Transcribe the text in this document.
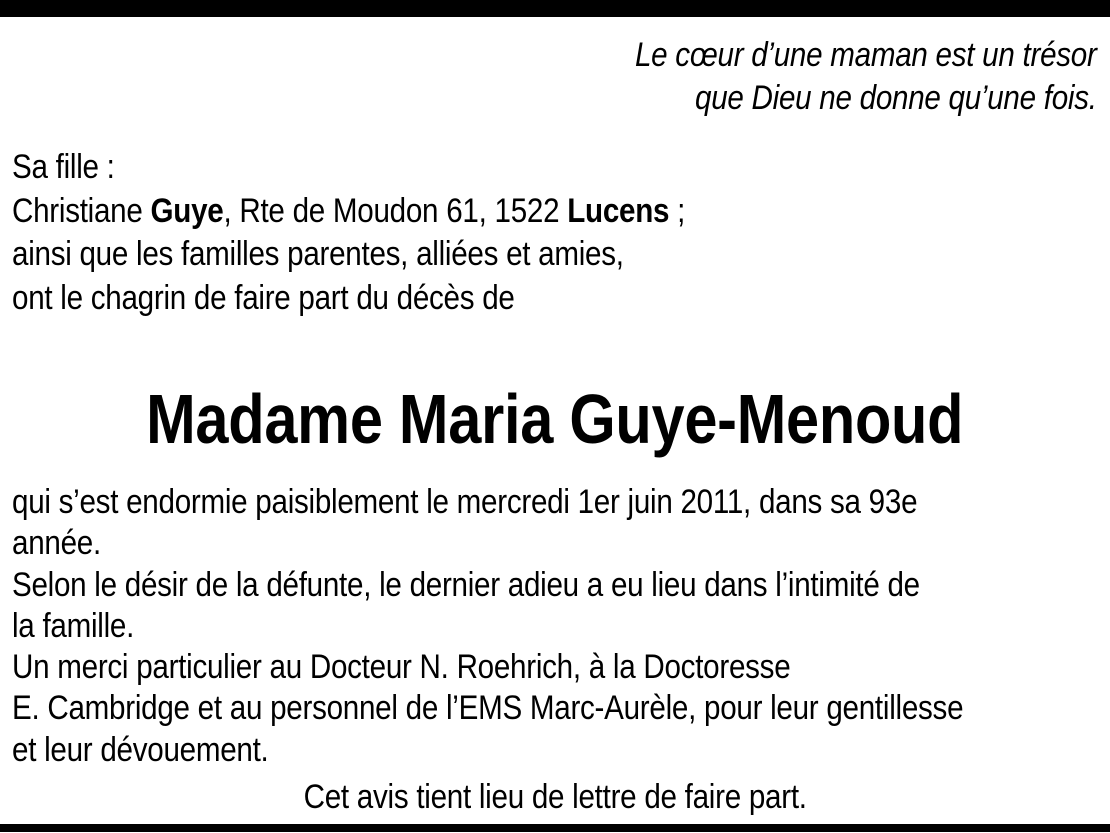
Le cœur d’une maman est un trésor
que Dieu ne donne qu’une fois.
Sa fille :
Christiane Guye, Rte de Moudon 61, 1522 Lucens ;
ainsi que les familles parentes, alliées et amies,
ont le chagrin de faire part du décès de
Madame Maria Guye-Menoud
qui s’est endormie paisiblement le mercredi 1er juin 2011, dans sa 93e
année.
Selon le désir de la défunte, le dernier adieu a eu lieu dans l’intimité de
la famille.
Un merci particulier au Docteur N. Roehrich, à la Doctoresse
E. Cambridge et au personnel de l’EMS Marc-Aurèle, pour leur gentillesse
et leur dévouement.
Cet avis tient lieu de lettre de faire part.
